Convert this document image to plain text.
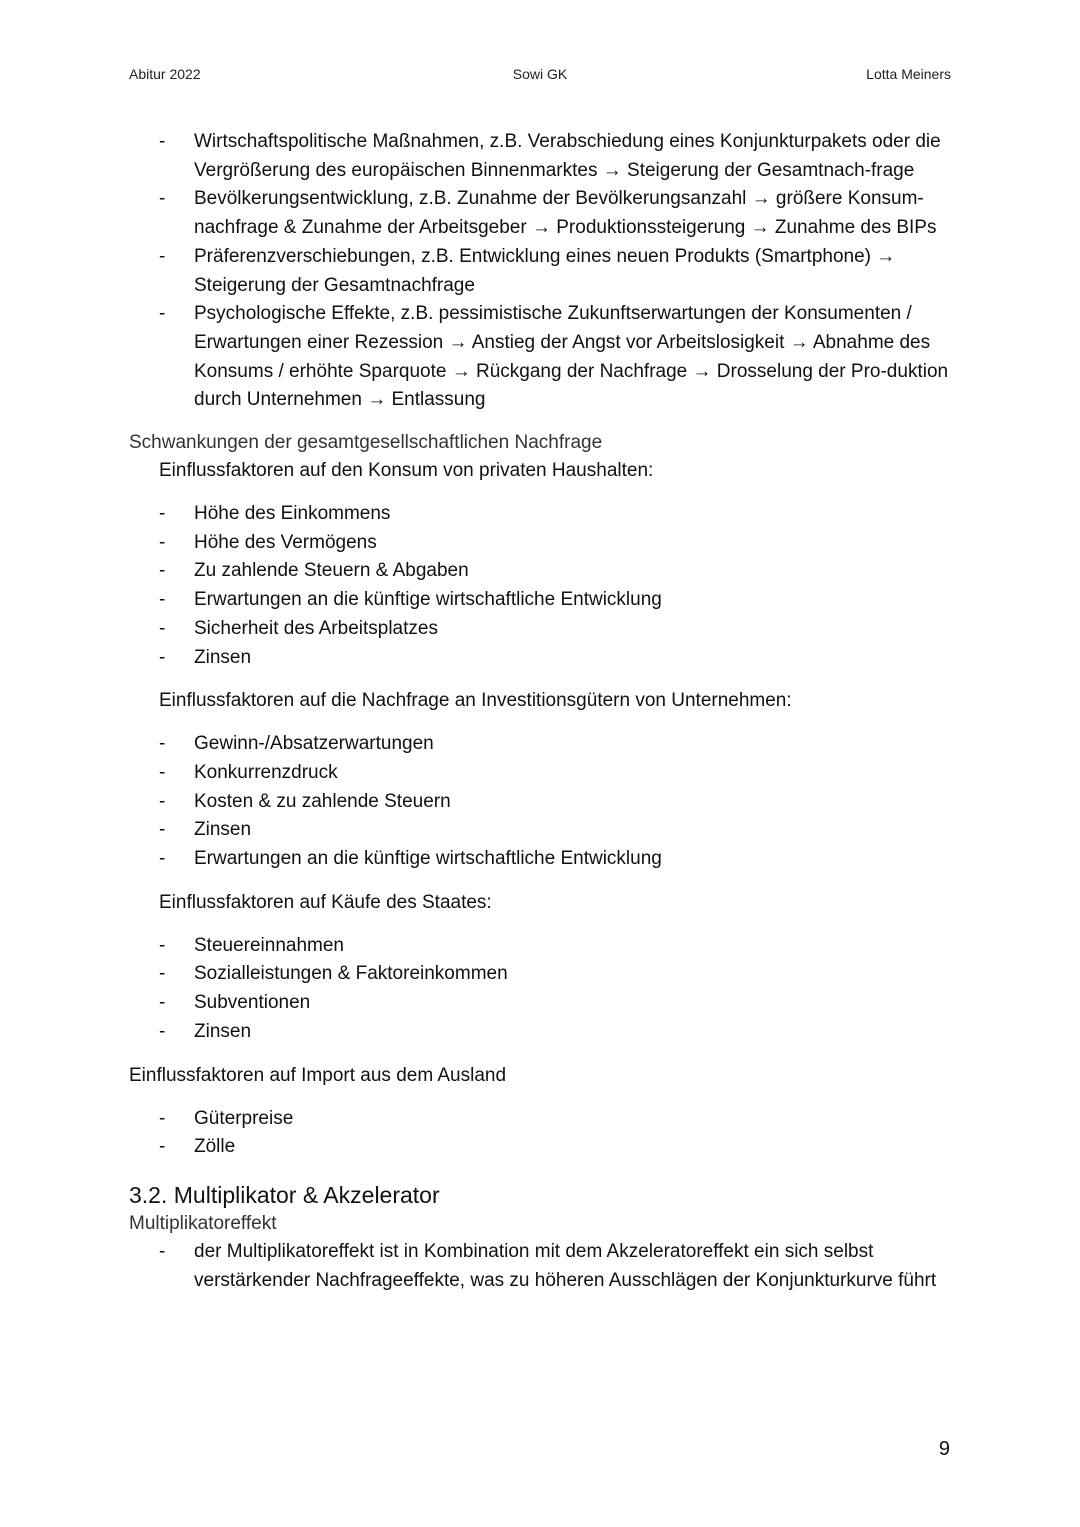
Abitur 2022	Sowi GK	Lotta Meiners
- Wirtschaftspolitische Maßnahmen, z.B. Verabschiedung eines Konjunkturpakets oder die Vergrößerung des europäischen Binnenmarktes → Steigerung der Gesamtnach-frage
- Bevölkerungsentwicklung, z.B. Zunahme der Bevölkerungsanzahl → größere Konsum-nachfrage & Zunahme der Arbeitsgeber → Produktionssteigerung → Zunahme des BIPs
- Präferenzverschiebungen, z.B. Entwicklung eines neuen Produkts (Smartphone) → Steigerung der Gesamtnachfrage
- Psychologische Effekte, z.B. pessimistische Zukunftserwartungen der Konsumenten / Erwartungen einer Rezession → Anstieg der Angst vor Arbeitslosigkeit → Abnahme des Konsums / erhöhte Sparquote → Rückgang der Nachfrage → Drosselung der Pro-duktion durch Unternehmen → Entlassung
Schwankungen der gesamtgesellschaftlichen Nachfrage
Einflussfaktoren auf den Konsum von privaten Haushalten:
- Höhe des Einkommens
- Höhe des Vermögens
- Zu zahlende Steuern & Abgaben
- Erwartungen an die künftige wirtschaftliche Entwicklung
- Sicherheit des Arbeitsplatzes
- Zinsen
Einflussfaktoren auf die Nachfrage an Investitionsgütern von Unternehmen:
- Gewinn-/Absatzerwartungen
- Konkurrenzdruck
- Kosten & zu zahlende Steuern
- Zinsen
- Erwartungen an die künftige wirtschaftliche Entwicklung
Einflussfaktoren auf Käufe des Staates:
- Steuereinnahmen
- Sozialleistungen & Faktoreinkommen
- Subventionen
- Zinsen
Einflussfaktoren auf Import aus dem Ausland
- Güterpreise
- Zölle
3.2. Multiplikator & Akzelerator
Multiplikatoreffekt
- der Multiplikatoreffekt ist in Kombination mit dem Akzeleratoreffekt ein sich selbst verstärkender Nachfrageeffekte, was zu höheren Ausschlägen der Konjunkturkurve führt
9
